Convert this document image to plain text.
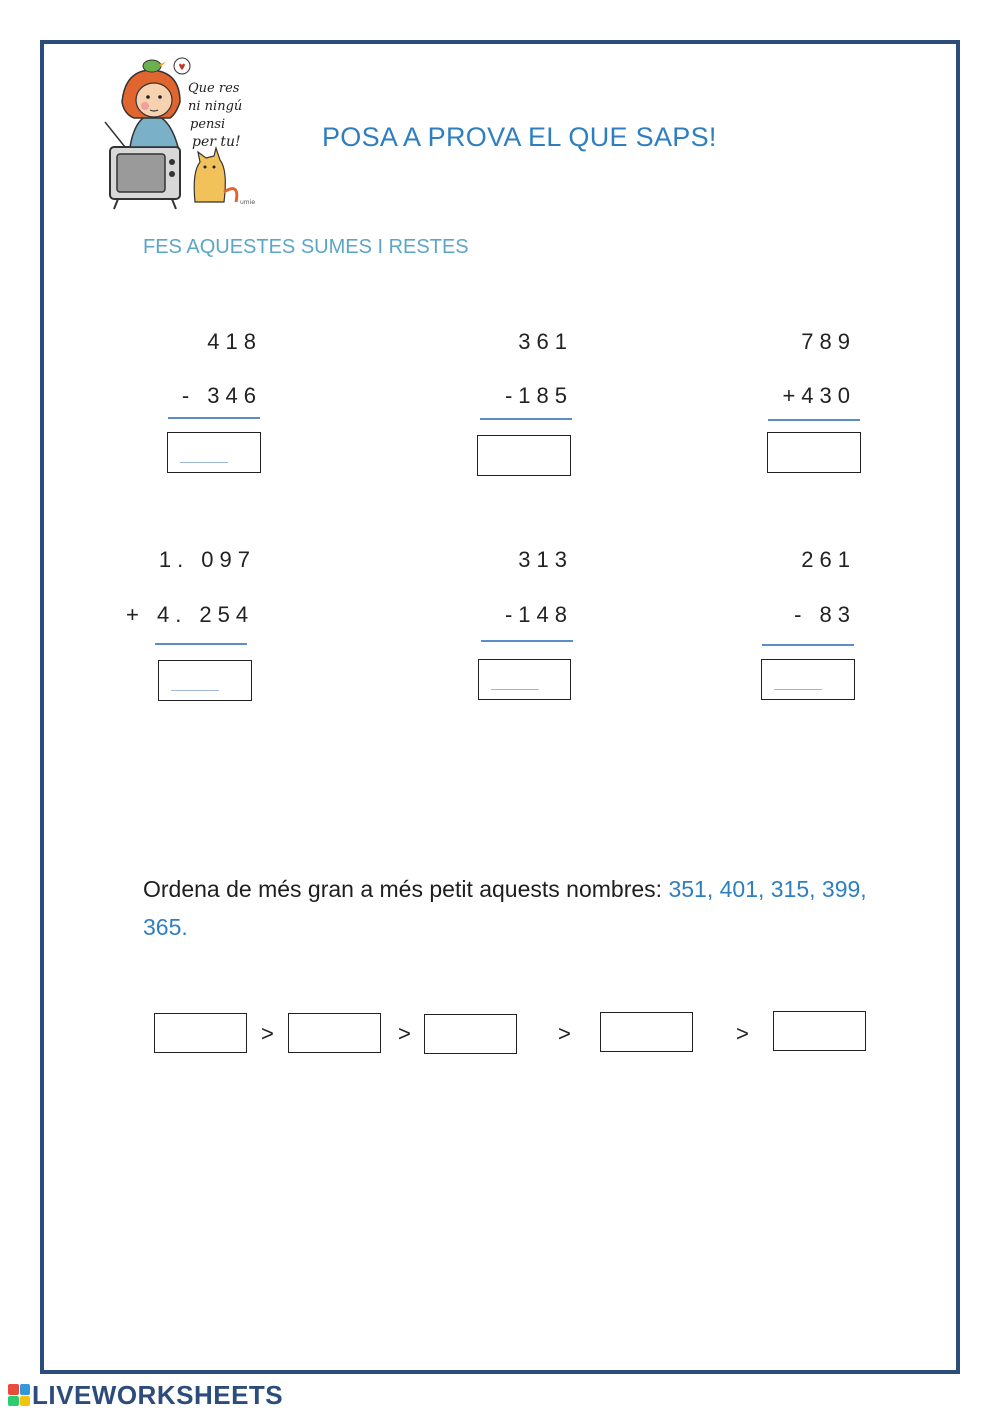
Que res
ni ningú
pensi
per tu!
umie
POSA A PROVA EL QUE SAPS!
FES AQUESTES SUMES I RESTES
418
- 346
361
-185
789
+430
1. 097
+ 4. 254
313
-148
261
- 83
Ordena de més gran a més petit aquests nombres: 351, 401, 315, 399, 365.
>	>	>	>
LIVEWORKSHEETS
